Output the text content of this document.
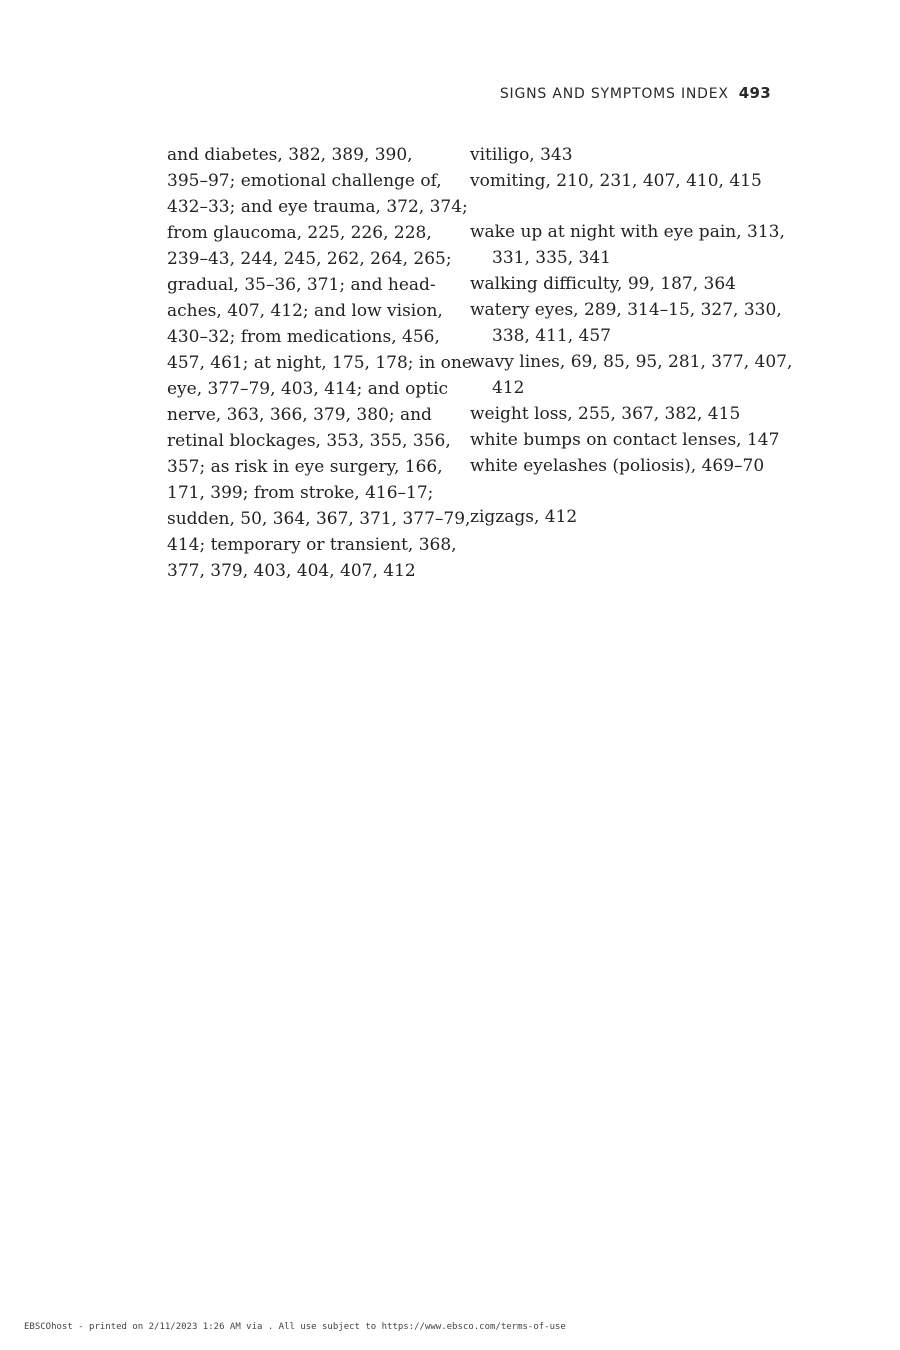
SIGNS AND SYMPTOMS INDEX 493
and diabetes, 382, 389, 390,
395–97; emotional challenge of,
432–33; and eye trauma, 372, 374;
from glaucoma, 225, 226, 228,
239–43, 244, 245, 262, 264, 265;
gradual, 35–36, 371; and head-
aches, 407, 412; and low vision,
430–32; from medications, 456,
457, 461; at night, 175, 178; in one
eye, 377–79, 403, 414; and optic
nerve, 363, 366, 379, 380; and
retinal blockages, 353, 355, 356,
357; as risk in eye surgery, 166,
171, 399; from stroke, 416–17;
sudden, 50, 364, 367, 371, 377–79,
414; temporary or transient, 368,
377, 379, 403, 404, 407, 412
vitiligo, 343
vomiting, 210, 231, 407, 410, 415
wake up at night with eye pain, 313,
331, 335, 341
walking difficulty, 99, 187, 364
watery eyes, 289, 314–15, 327, 330,
338, 411, 457
wavy lines, 69, 85, 95, 281, 377, 407,
412
weight loss, 255, 367, 382, 415
white bumps on contact lenses, 147
white eyelashes (poliosis), 469–70
zigzags, 412
EBSCOhost - printed on 2/11/2023 1:26 AM via . All use subject to https://www.ebsco.com/terms-of-use
